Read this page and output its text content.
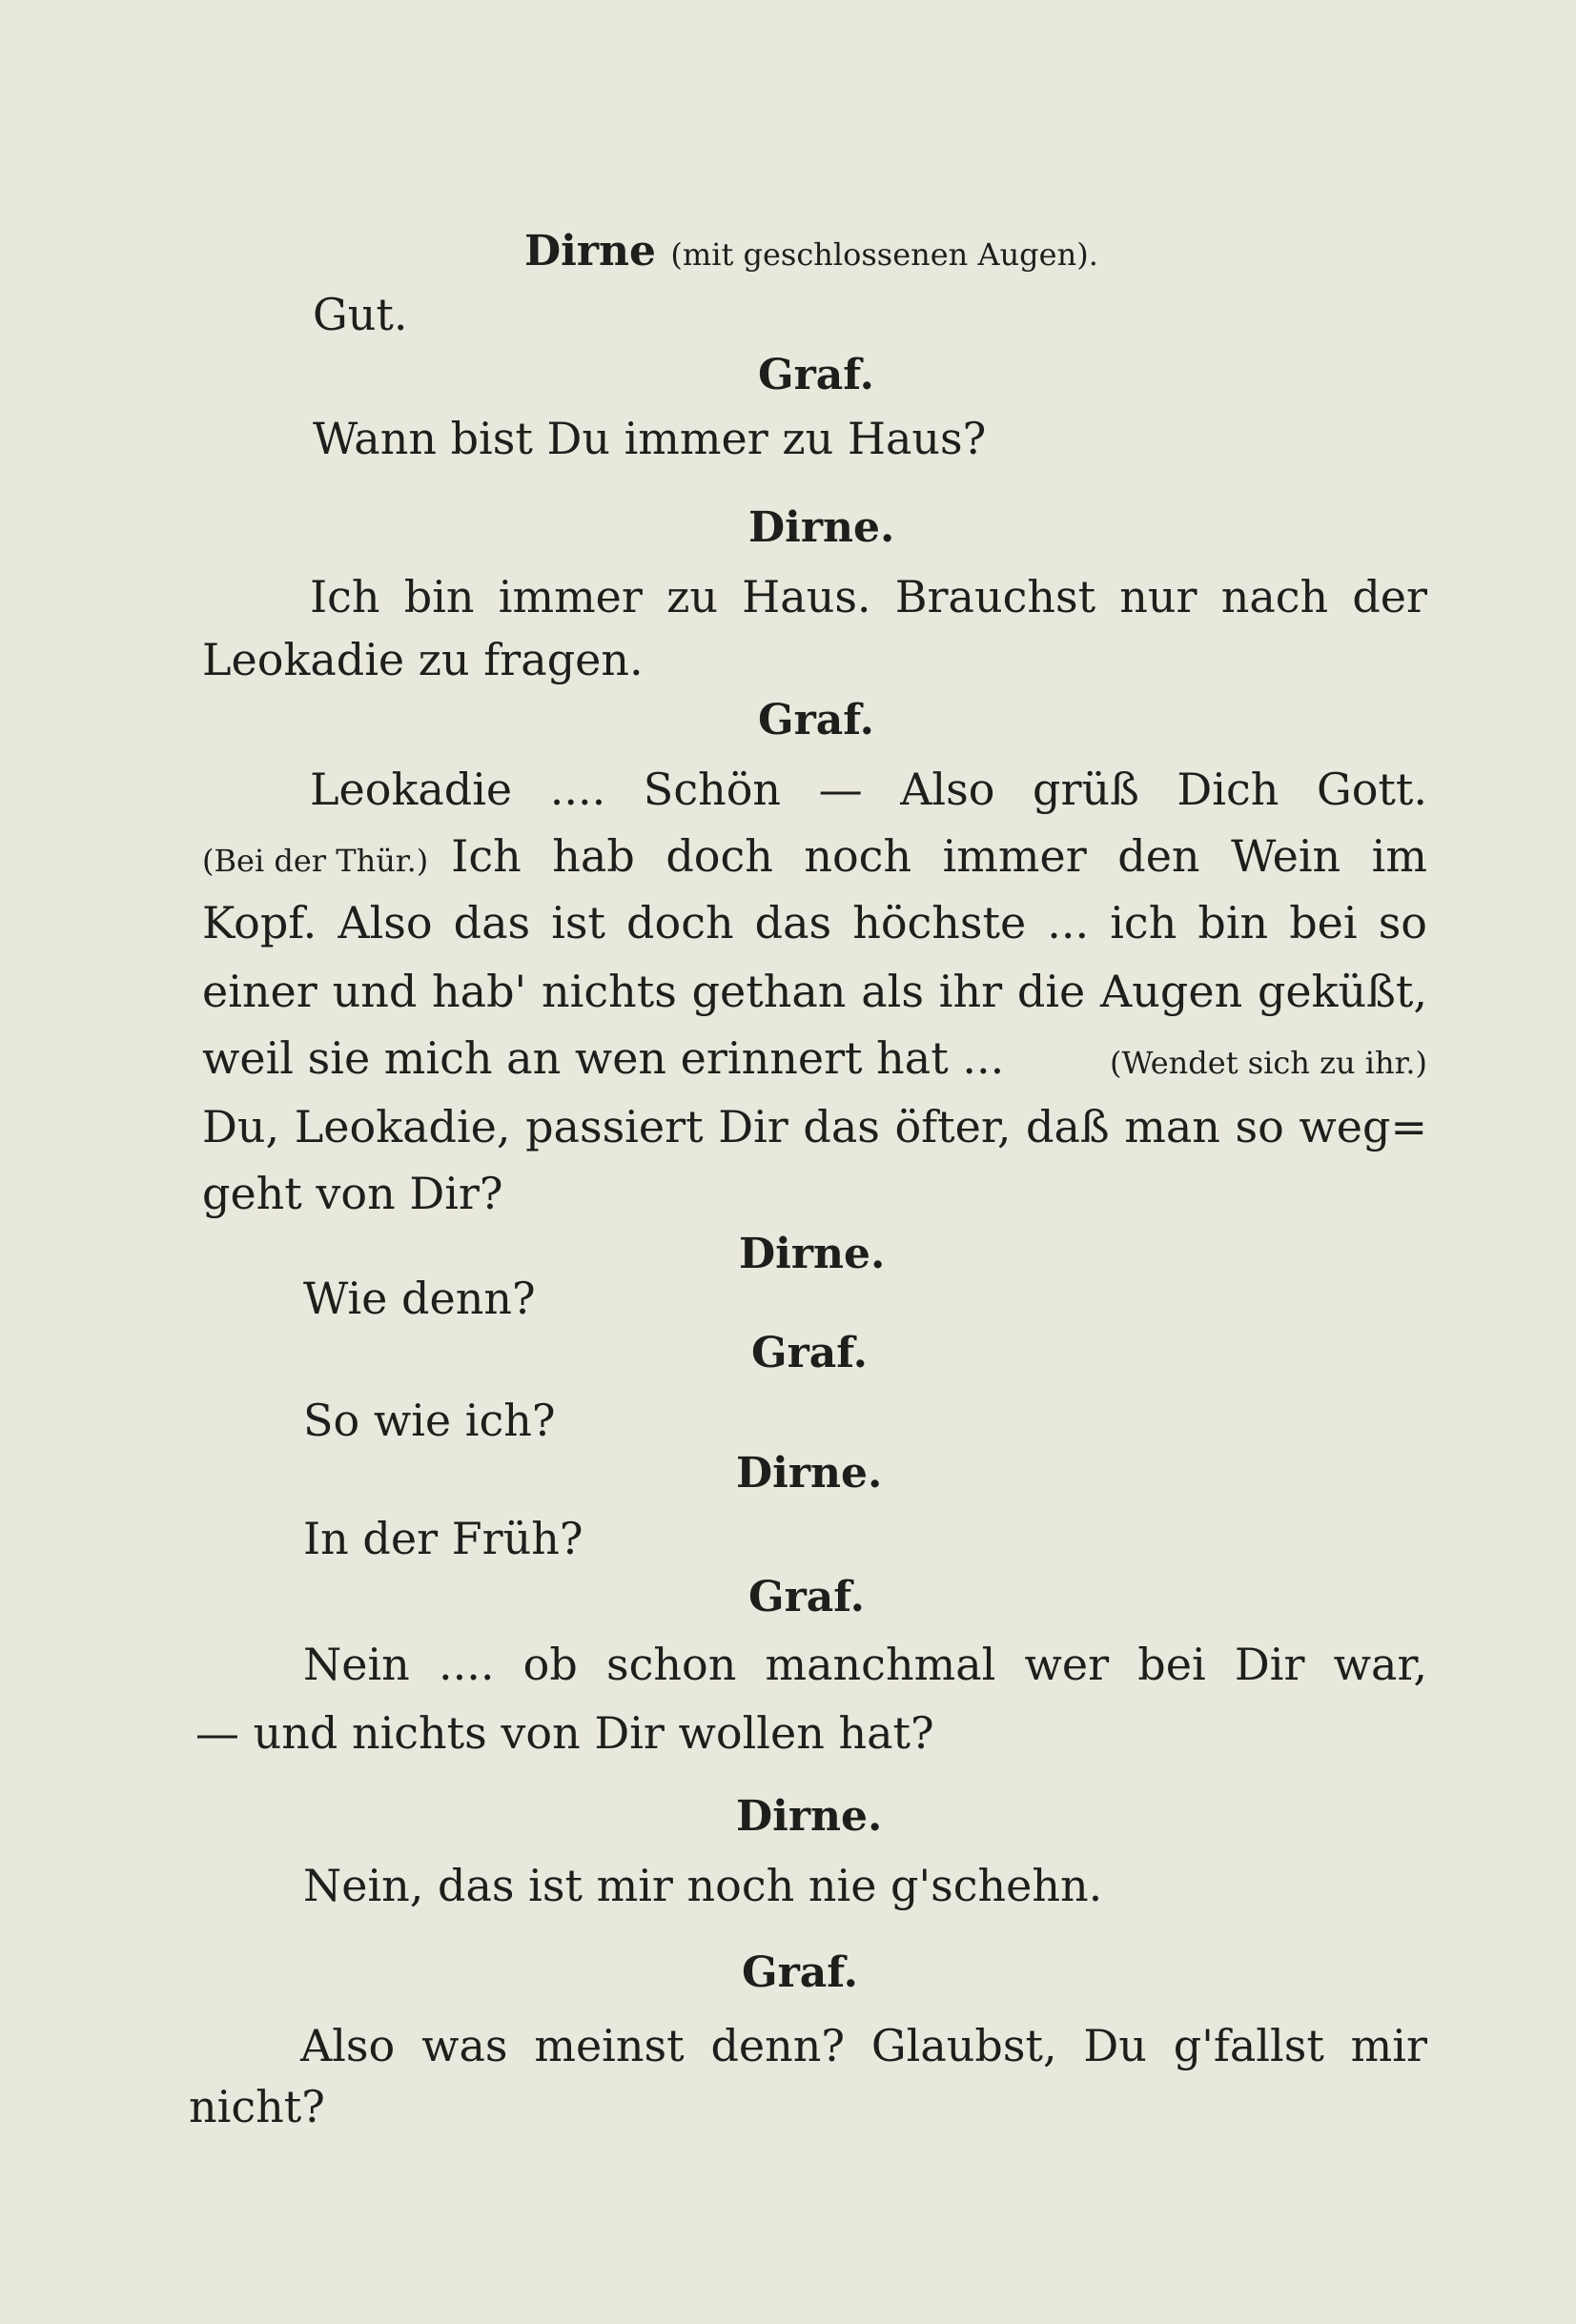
Dirne (mit geschlossenen Augen).
Gut.
Graf.
Wann bist Du immer zu Haus?
Dirne.
Ich bin immer zu Haus. Brauchst nur nach der
Leokadie zu fragen.
Graf.
Leokadie .... Schön — Also grüß Dich Gott.
(Bei der Thür.) Ich hab doch noch immer den Wein im
Kopf. Also das ist doch das höchste ... ich bin bei so
einer und hab' nichts gethan als ihr die Augen geküßt,
weil sie mich an wen erinnert hat ...	(Wendet sich zu ihr.)
Du, Leokadie, passiert Dir das öfter, daß man so weg=
geht von Dir?
Dirne.
Wie denn?
Graf.
So wie ich?
Dirne.
In der Früh?
Graf.
Nein .... ob schon manchmal wer bei Dir war,
— und nichts von Dir wollen hat?
Dirne.
Nein, das ist mir noch nie g'schehn.
Graf.
Also was meinst denn? Glaubst, Du g'fallst mir
nicht?
